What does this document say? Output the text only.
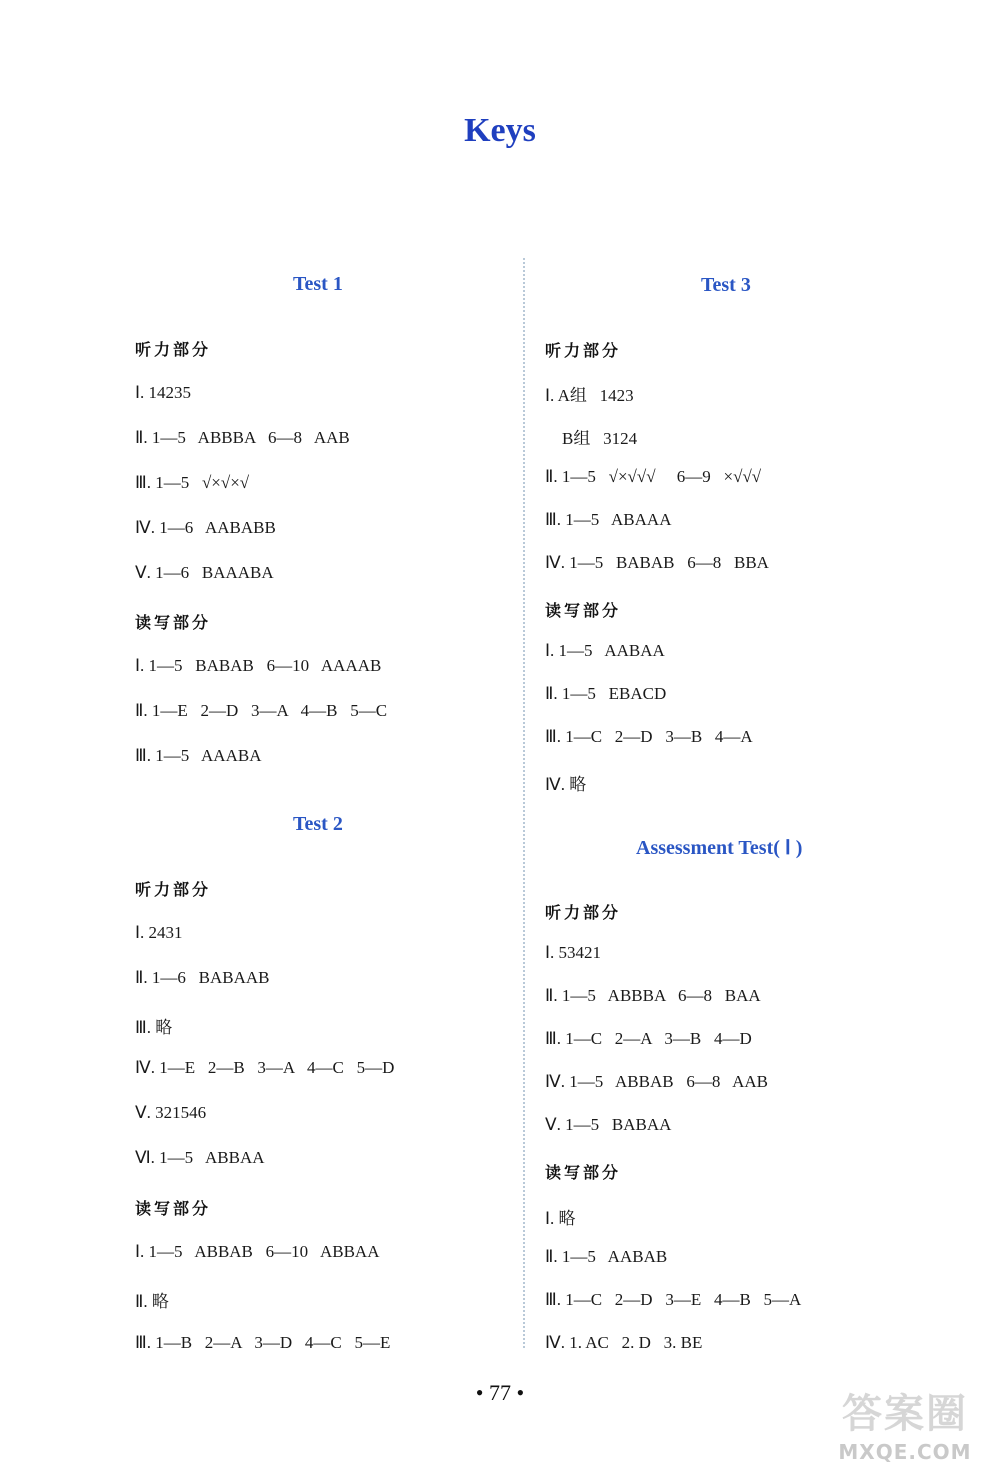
Keys
Test 1
听力部分
Ⅰ. 14235
Ⅱ. 1—5   ABBBA   6—8   AAB
Ⅲ. 1—5   √×√×√
Ⅳ. 1—6   AABABB
Ⅴ. 1—6   BAAABA
读写部分
Ⅰ. 1—5   BABAB   6—10   AAAAB
Ⅱ. 1—E   2—D   3—A   4—B   5—C
Ⅲ. 1—5   AAABA
Test 2
听力部分
Ⅰ. 2431
Ⅱ. 1—6   BABAAB
Ⅲ. 略
Ⅳ. 1—E   2—B   3—A   4—C   5—D
Ⅴ. 321546
Ⅵ. 1—5   ABBAA
读写部分
Ⅰ. 1—5   ABBAB   6—10   ABBAA
Ⅱ. 略
Ⅲ. 1—B   2—A   3—D   4—C   5—E
Test 3
听力部分
Ⅰ. A组   1423
B组   3124
Ⅱ. 1—5   √×√√√     6—9   ×√√√
Ⅲ. 1—5   ABAAA
Ⅳ. 1—5   BABAB   6—8   BBA
读写部分
Ⅰ. 1—5   AABAA
Ⅱ. 1—5   EBACD
Ⅲ. 1—C   2—D   3—B   4—A
Ⅳ. 略
Assessment Test( Ⅰ )
听力部分
Ⅰ. 53421
Ⅱ. 1—5   ABBBA   6—8   BAA
Ⅲ. 1—C   2—A   3—B   4—D
Ⅳ. 1—5   ABBAB   6—8   AAB
Ⅴ. 1—5   BABAA
读写部分
Ⅰ. 略
Ⅱ. 1—5   AABAB
Ⅲ. 1—C   2—D   3—E   4—B   5—A
Ⅳ. 1. AC   2. D   3. BE
• 77 •	答案圈
MXQE.COM
